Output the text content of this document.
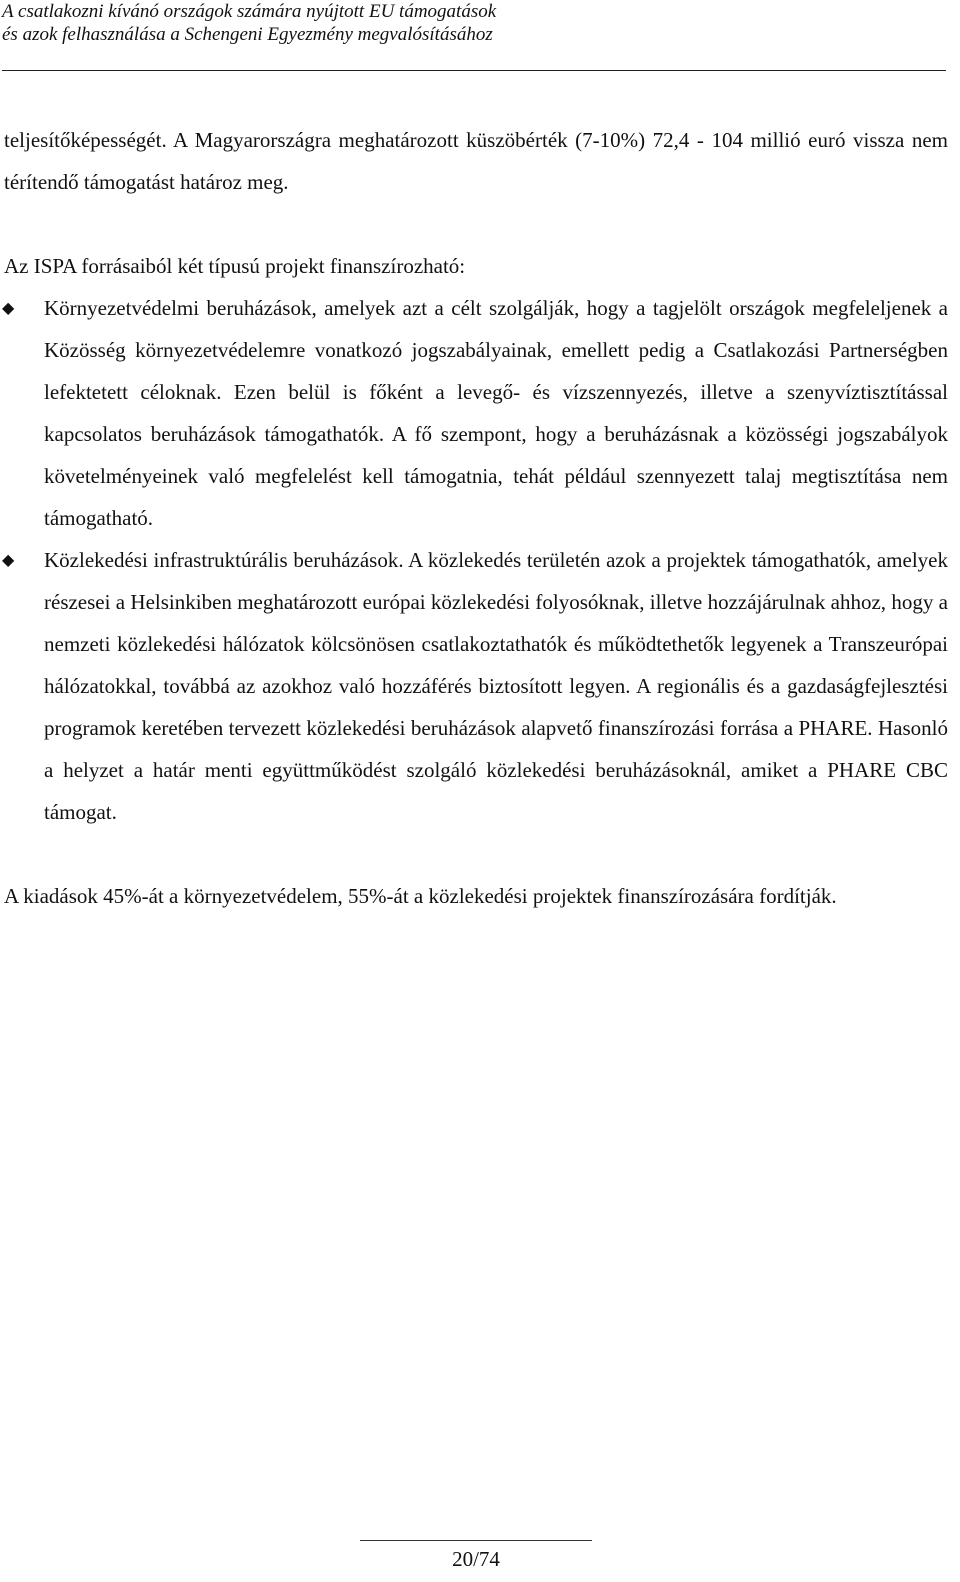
A csatlakozni kívánó országok számára nyújtott EU támogatások
és azok felhasználása a Schengeni Egyezmény megvalósításához

teljesítőképességét. A Magyarországra meghatározott küszöbérték (7-10%) 72,4 - 104 millió euró vissza nem térítendő támogatást határoz meg.

Az ISPA forrásaiból két típusú projekt finanszírozható:

◆ Környezetvédelmi beruházások, amelyek azt a célt szolgálják, hogy a tagjelölt országok megfeleljenek a Közösség környezetvédelemre vonatkozó jogszabályainak, emellett pedig a Csatlakozási Partnerségben lefektetett céloknak. Ezen belül is főként a levegő- és vízszennyezés, illetve a szenyvíztisztítással kapcsolatos beruházások támogathatók. A fő szempont, hogy a beruházásnak a közösségi jogszabályok követelményeinek való megfelelést kell támogatnia, tehát például szennyezett talaj megtisztítása nem támogatható.
◆ Közlekedési infrastruktúrális beruházások. A közlekedés területén azok a projektek támogathatók, amelyek részesei a Helsinkiben meghatározott európai közlekedési folyosóknak, illetve hozzájárulnak ahhoz, hogy a nemzeti közlekedési hálózatok kölcsönösen csatlakoztathatók és működtethetők legyenek a Transzeurópai hálózatokkal, továbbá az azokhoz való hozzáférés biztosított legyen. A regionális és a gazdaságfejlesztési programok keretében tervezett közlekedési beruházások alapvető finanszírozási forrása a PHARE. Hasonló a helyzet a határ menti együttműködést szolgáló közlekedési beruházásoknál, amiket a PHARE CBC támogat.

A kiadások 45%-át a környezetvédelem, 55%-át a közlekedési projektek finanszírozására fordítják.

20/74
